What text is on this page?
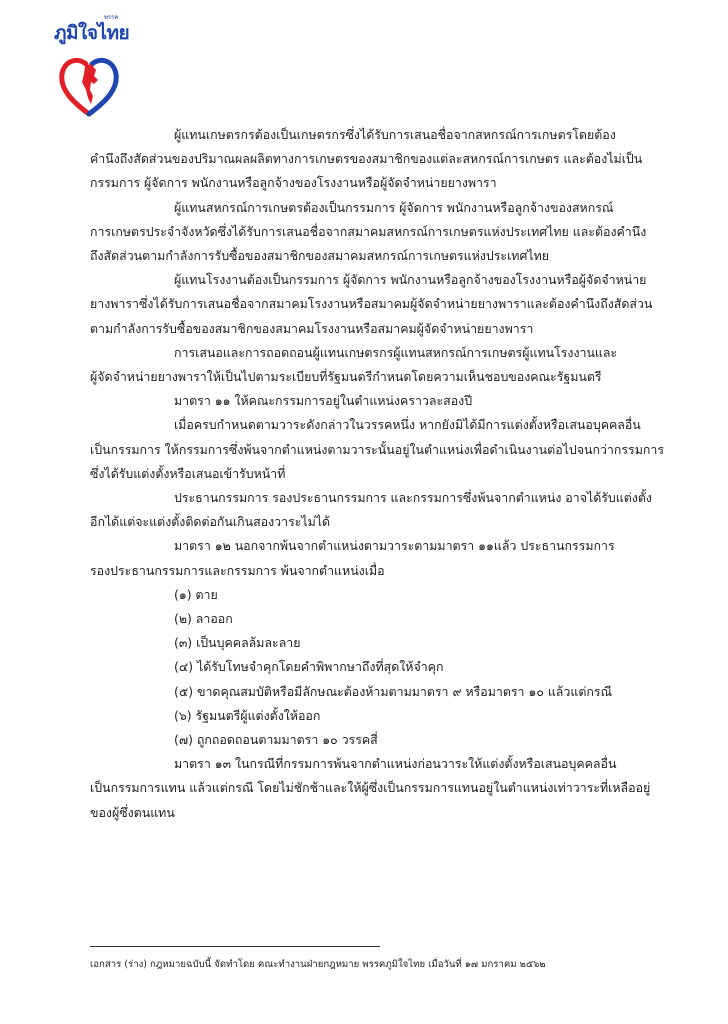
พรรค
ภูมิใจไทย

ผู้แทนเกษตรกรต้องเป็นเกษตรกรซึ่งได้รับการเสนอชื่อจากสหกรณ์การเกษตรโดยต้อง

คำนึงถึงสัดส่วนของปริมาณผลผลิตทางการเกษตรของสมาชิกของแต่ละสหกรณ์การเกษตร และต้องไม่เป็น

กรรมการ ผู้จัดการ พนักงานหรือลูกจ้างของโรงงานหรือผู้จัดจำหน่ายยางพารา

ผู้แทนสหกรณ์การเกษตรต้องเป็นกรรมการ ผู้จัดการ พนักงานหรือลูกจ้างของสหกรณ์

การเกษตรประจำจังหวัดซึ่งได้รับการเสนอชื่อจากสมาคมสหกรณ์การเกษตรแห่งประเทศไทย และต้องคำนึง

ถึงสัดส่วนตามกำลังการรับซื้อของสมาชิกของสมาคมสหกรณ์การเกษตรแห่งประเทศไทย

ผู้แทนโรงงานต้องเป็นกรรมการ ผู้จัดการ พนักงานหรือลูกจ้างของโรงงานหรือผู้จัดจำหน่าย

ยางพาราซึ่งได้รับการเสนอชื่อจากสมาคมโรงงานหรือสมาคมผู้จัดจำหน่ายยางพาราและต้องคำนึงถึงสัดส่วน

ตามกำลังการรับซื้อของสมาชิกของสมาคมโรงงานหรือสมาคมผู้จัดจำหน่ายยางพารา

การเสนอและการถอดถอนผู้แทนเกษตรกรผู้แทนสหกรณ์การเกษตรผู้แทนโรงงานและ

ผู้จัดจำหน่ายยางพาราให้เป็นไปตามระเบียบที่รัฐมนตรีกำหนดโดยความเห็นชอบของคณะรัฐมนตรี

มาตรา ๑๑ ให้คณะกรรมการอยู่ในตำแหน่งคราวละสองปี

เมื่อครบกำหนดตามวาระดังกล่าวในวรรคหนึ่ง หากยังมิได้มีการแต่งตั้งหรือเสนอบุคคลอื่น

เป็นกรรมการ ให้กรรมการซึ่งพ้นจากตำแหน่งตามวาระนั้นอยู่ในตำแหน่งเพื่อดำเนินงานต่อไปจนกว่ากรรมการ

ซึ่งได้รับแต่งตั้งหรือเสนอเข้ารับหน้าที่

ประธานกรรมการ รองประธานกรรมการ และกรรมการซึ่งพ้นจากตำแหน่ง อาจได้รับแต่งตั้ง

อีกได้แต่จะแต่งตั้งติดต่อกันเกินสองวาระไม่ได้

มาตรา ๑๒ นอกจากพ้นจากตำแหน่งตามวาระตามมาตรา ๑๑แล้ว ประธานกรรมการ

รองประธานกรรมการและกรรมการ พ้นจากตำแหน่งเมื่อ

(๑) ตาย

(๒) ลาออก

(๓) เป็นบุคคลล้มละลาย

(๔) ได้รับโทษจำคุกโดยคำพิพากษาถึงที่สุดให้จำคุก

(๕) ขาดคุณสมบัติหรือมีลักษณะต้องห้ามตามมาตรา ๙ หรือมาตรา ๑๐ แล้วแต่กรณี

(๖) รัฐมนตรีผู้แต่งตั้งให้ออก

(๗) ถูกถอดถอนตามมาตรา ๑๐ วรรคสี่

มาตรา ๑๓ ในกรณีที่กรรมการพ้นจากตำแหน่งก่อนวาระให้แต่งตั้งหรือเสนอบุคคลอื่น

เป็นกรรมการแทน แล้วแต่กรณี โดยไม่ชักช้าและให้ผู้ซึ่งเป็นกรรมการแทนอยู่ในตำแหน่งเท่าวาระที่เหลืออยู่

ของผู้ซึ่งตนแทน

เอกสาร (ร่าง) กฎหมายฉบับนี้ จัดทำโดย คณะทำงานฝ่ายกฎหมาย พรรคภูมิใจไทย เมื่อวันที่ ๑๗ มกราคม ๒๕๖๒
